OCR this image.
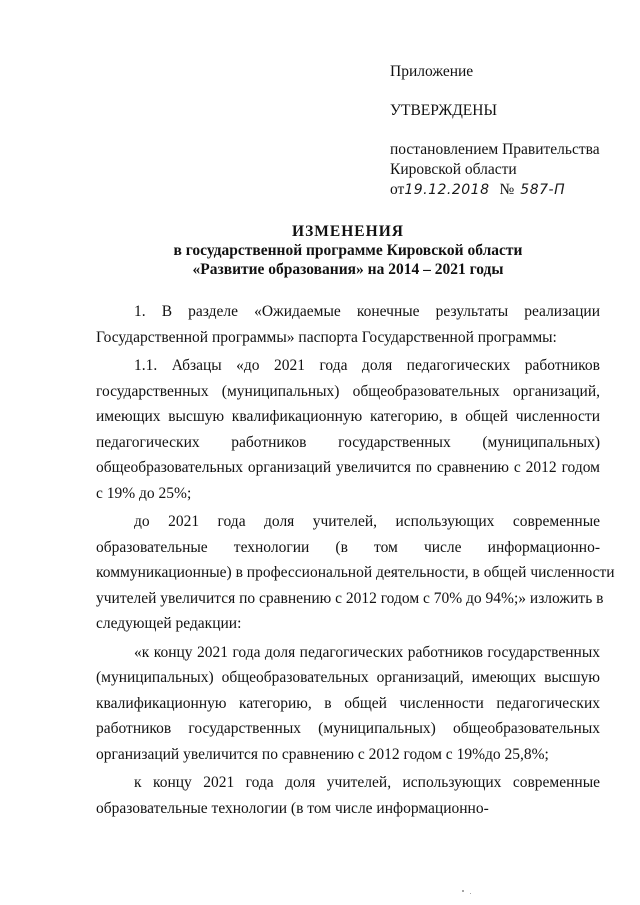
Приложение
УТВЕРЖДЕНЫ
постановлением Правительства
Кировской области
от 19.12.2018 № 587-П
ИЗМЕНЕНИЯ
в государственной программе Кировской области
«Развитие образования» на 2014 – 2021 годы
1. В разделе «Ожидаемые конечные результаты реализации
Государственной программы» паспорта Государственной программы:
1.1. Абзацы «до 2021 года доля педагогических работников
государственных (муниципальных) общеобразовательных организаций,
имеющих высшую квалификационную категорию, в общей численности
педагогических работников государственных (муниципальных)
общеобразовательных организаций увеличится по сравнению с 2012 годом
с 19% до 25%;
до 2021 года доля учителей, использующих современные
образовательные технологии (в том числе информационно-
коммуникационные) в профессиональной деятельности, в общей численности
учителей увеличится по сравнению с 2012 годом с 70% до 94%;» изложить в
следующей редакции:
«к концу 2021 года доля педагогических работников государственных
(муниципальных) общеобразовательных организаций, имеющих высшую
квалификационную категорию, в общей численности педагогических
работников государственных (муниципальных) общеобразовательных
организаций увеличится по сравнению с 2012 годом с 19%до 25,8%;
к концу 2021 года доля учителей, использующих современные
образовательные технологии (в том числе информационно-
